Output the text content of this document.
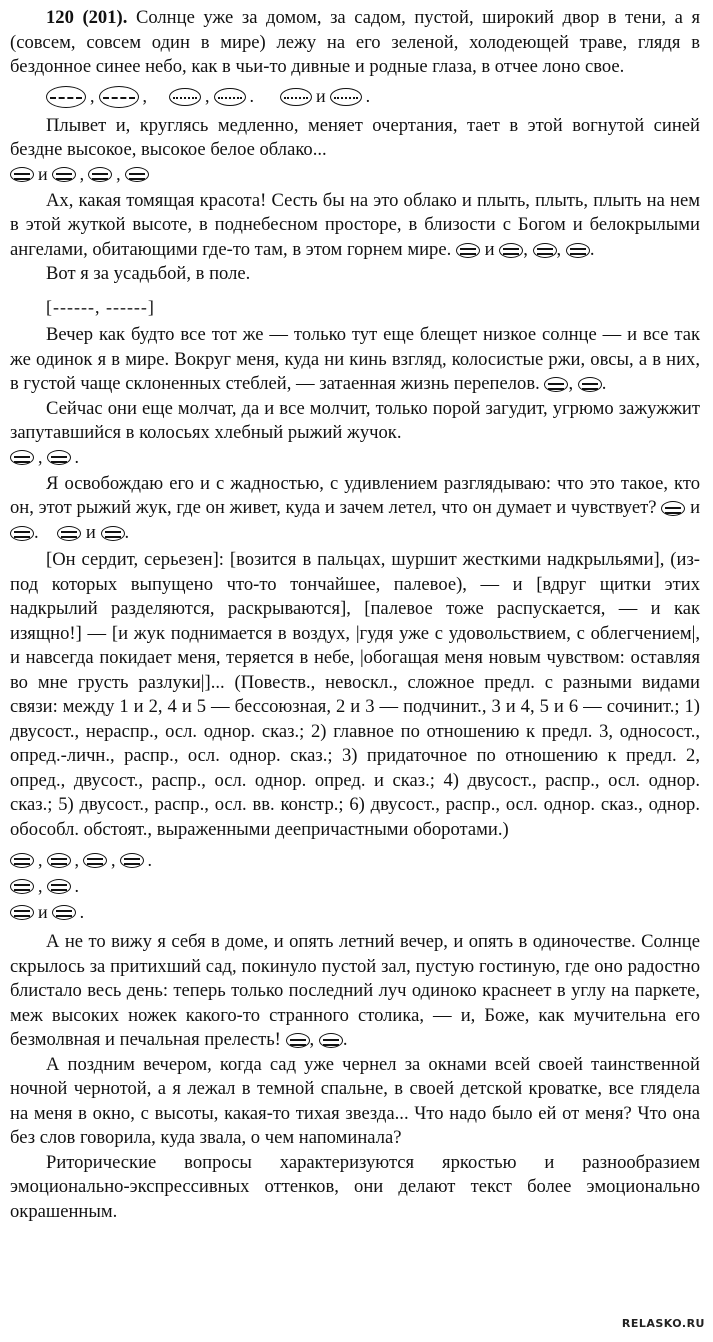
120 (201). Солнце уже за домом, за садом, пустой, широкий двор в тени, а я (совсем, совсем один в мире) лежу на его зеленой, холодеющей траве, глядя в бездонное синее небо, как в чьи-то дивные и родные глаза, в отчее лоно свое.

,	,	, .	и .

Плывет и, круглясь медленно, меняет очертания, тает в этой вогнутой синей бездне высокое, высокое белое облако...

и , ,

Ах, какая томящая красота! Сесть бы на это облако и плыть, плыть, плыть на нем в этой жуткой высоте, в поднебесном просторе, в близости с Богом и белокрылыми ангелами, обитающими где-то там, в этом горнем мире. и , , .

Вот я за усадьбой, в поле.

[------, ------]

Вечер как будто все тот же — только тут еще блещет низкое солнце — и все так же одинок я в мире. Вокруг меня, куда ни кинь взгляд, колосистые ржи, овсы, а в них, в густой чаще склоненных стеблей, — затаенная жизнь перепелов. , .

Сейчас они еще молчат, да и все молчит, только порой загудит, угрюмо зажужжит запутавшийся в колосьях хлебный рыжий жучок.

, .

Я освобождаю его и с жадностью, с удивлением разглядываю: что это такое, кто он, этот рыжий жук, где он живет, куда и зачем летел, что он думает и чувствует? и .	и .

[Он сердит, серьезен]: [возится в пальцах, шуршит жесткими надкрыльями], (из-под которых выпущено что-то тончайшее, палевое), — и [вдруг щитки этих надкрылий разделяются, раскрываются], [палевое тоже распускается, — и как изящно!] — [и жук поднимается в воздух, |гудя уже с удовольствием, с облегчением|, и навсегда покидает меня, теряется в небе, |обогащая меня новым чувством: оставляя во мне грусть разлуки|]... (Повеств., невоскл., сложное предл. с разными видами связи: между 1 и 2, 4 и 5 — бессоюзная, 2 и 3 — подчинит., 3 и 4, 5 и 6 — сочинит.; 1) двусост., нераспр., осл. однор. сказ.; 2) главное по отношению к предл. 3, односост., опред.-личн., распр., осл. однор. сказ.; 3) придаточное по отношению к предл. 2, опред., двусост., распр., осл. однор. опред. и сказ.; 4) двусост., распр., осл. однор. сказ.; 5) двусост., распр., осл. вв. констр.; 6) двусост., распр., осл. однор. сказ., однор. обособл. обстоят., выраженными деепричастными оборотами.)

, , , .
, .
и .

А не то вижу я себя в доме, и опять летний вечер, и опять в одиночестве. Солнце скрылось за притихший сад, покинуло пустой зал, пустую гостиную, где оно радостно блистало весь день: теперь только последний луч одиноко краснеет в углу на паркете, меж высоких ножек какого-то странного столика, — и, Боже, как мучительна его безмолвная и печальная прелесть! , .

А поздним вечером, когда сад уже чернел за окнами всей своей таинственной ночной чернотой, а я лежал в темной спальне, в своей детской кроватке, все глядела на меня в окно, с высоты, какая-то тихая звезда... Что надо было ей от меня? Что она без слов говорила, куда звала, о чем напоминала?

Риторические вопросы характеризуются яркостью и разнообразием эмоционально-экспрессивных оттенков, они делают текст более эмоционально окрашенным.

RELASKO.RU
